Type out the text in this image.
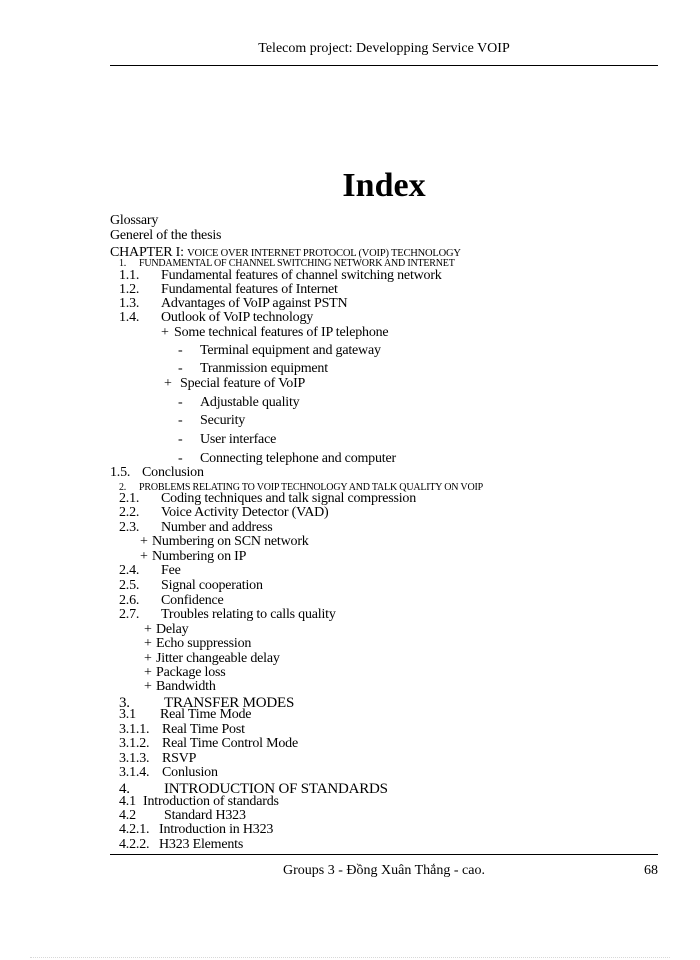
Telecom project: Developping Service VOIP
Index
Glossary
Generel of the thesis
CHAPTER I: VOICE OVER INTERNET PROTOCOL (VOIP) TECHNOLOGY
1. FUNDAMENTAL OF CHANNEL SWITCHING NETWORK AND INTERNET
1.1. Fundamental features of channel switching network
1.2. Fundamental features of Internet
1.3. Advantages of VoIP against PSTN
1.4. Outlook of VoIP technology
+ Some technical features of IP telephone
- Terminal equipment and gateway
- Tranmission equipment
+ Special feature of VoIP
- Adjustable quality
- Security
- User interface
- Connecting telephone and computer
1.5. Conclusion
2. PROBLEMS RELATING TO VOIP TECHNOLOGY AND TALK QUALITY ON VOIP
2.1. Coding techniques and talk signal compression
2.2. Voice Activity Detector (VAD)
2.3. Number and address
+ Numbering on SCN network
+ Numbering on IP
2.4. Fee
2.5. Signal cooperation
2.6. Confidence
2.7. Troubles relating to calls quality
+ Delay
+ Echo suppression
+ Jitter changeable delay
+ Package loss
+ Bandwidth
3. TRANSFER MODES
3.1 Real Time Mode
3.1.1. Real Time Post
3.1.2. Real Time Control Mode
3.1.3. RSVP
3.1.4. Conlusion
4. INTRODUCTION OF STANDARDS
4.1 Introduction of standards
4.2 Standard H323
4.2.1. Introduction in H323
4.2.2. H323 Elements
Groups 3 - Đồng Xuân Thắng - cao.	68
